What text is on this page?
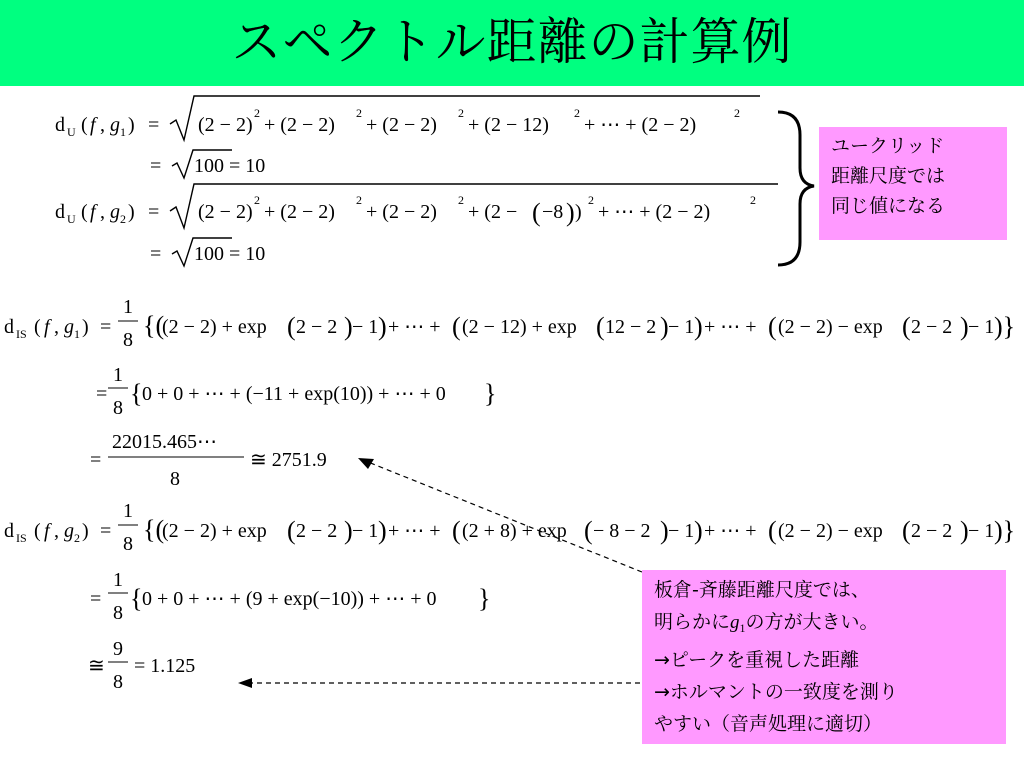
スペクトル距離の計算例
d U ( f , g 1 ) = (2 − 2)
2
+ (2 − 2)
2
+ (2 − 2)
2
+ (2 − 12)
2
+ ⋯ + (2 − 2)
2
= 100 = 10
d U ( f , g 2 ) = (2 − 2)
2
+ (2 − 2)
2
+ (2 − 2)
2
+ (2 − ( −8 ) )
2
+ ⋯ + (2 − 2)
2
= 100 = 10
d IS ( f , g 1 ) =
1
8 {(
(2 − 2) + exp ( 2 − 2 ) − 1 ) + ⋯ + ( (2 − 12) + exp ( 12 − 2 ) − 1 ) + ⋯ + ( (2 − 2) − exp ( 2 − 2 ) − 1 )}
=
1
8 { 0 + 0 + ⋯ + (−11 + exp(10)) + ⋯ + 0 }
=
22015.465⋯
8
≅ 2751.9
d IS ( f , g 2 ) =
1
8 {(
(2 − 2) + exp ( 2 − 2 ) − 1 ) + ⋯ + ( (2 + 8) + exp ( − 8 − 2 ) − 1 ) + ⋯ + ( (2 − 2) − exp ( 2 − 2 ) − 1 )}
=
1
8 { 0 + 0 + ⋯ + (9 + exp(−10)) + ⋯ + 0 }
≅
9
8
= 1.125
ユークリッド
距離尺度では
同じ値になる
板倉-斉藤距離尺度では、
明らかに$g_1$の方が大きい。
→ピークを重視した距離
→ホルマントの一致度を測り
やすい（音声処理に適切）
